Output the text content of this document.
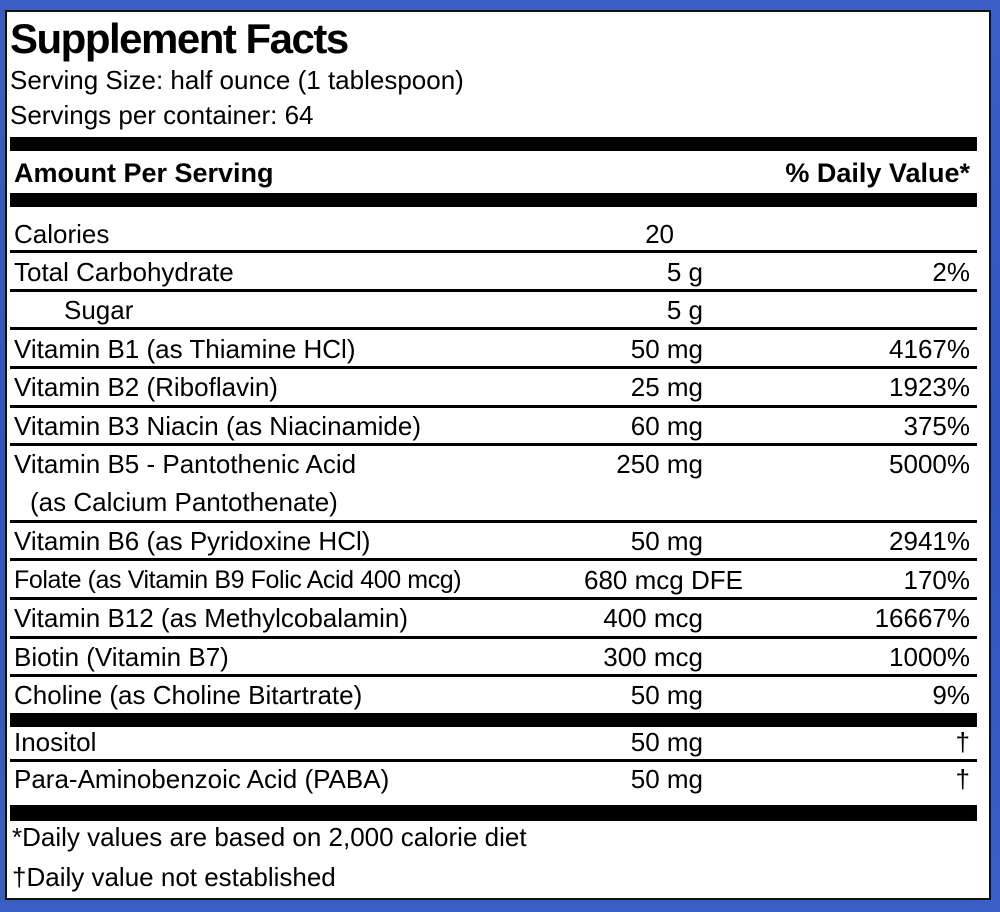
Supplement Facts
Serving Size: half ounce (1 tablespoon)
Servings per container: 64
Amount Per Serving	% Daily Value*
Calories	20
Total Carbohydrate	5 g	2%
Sugar	5 g
Vitamin B1 (as Thiamine HCl)	50 mg	4167%
Vitamin B2 (Riboflavin)	25 mg	1923%
Vitamin B3 Niacin (as Niacinamide)	60 mg	375%
Vitamin B5 - Pantothenic Acid
(as Calcium Pantothenate)
250 mg	5000%
Vitamin B6 (as Pyridoxine HCl)	50 mg	2941%
Folate (as Vitamin B9 Folic Acid 400 mcg)	680 mcg DFE	170%
Vitamin B12 (as Methylcobalamin)	400 mcg	16667%
Biotin (Vitamin B7)	300 mcg	1000%
Choline (as Choline Bitartrate)	50 mg	9%
Inositol	50 mg	†
Para-Aminobenzoic Acid (PABA)	50 mg	†
*Daily values are based on 2,000 calorie diet
†Daily value not established
